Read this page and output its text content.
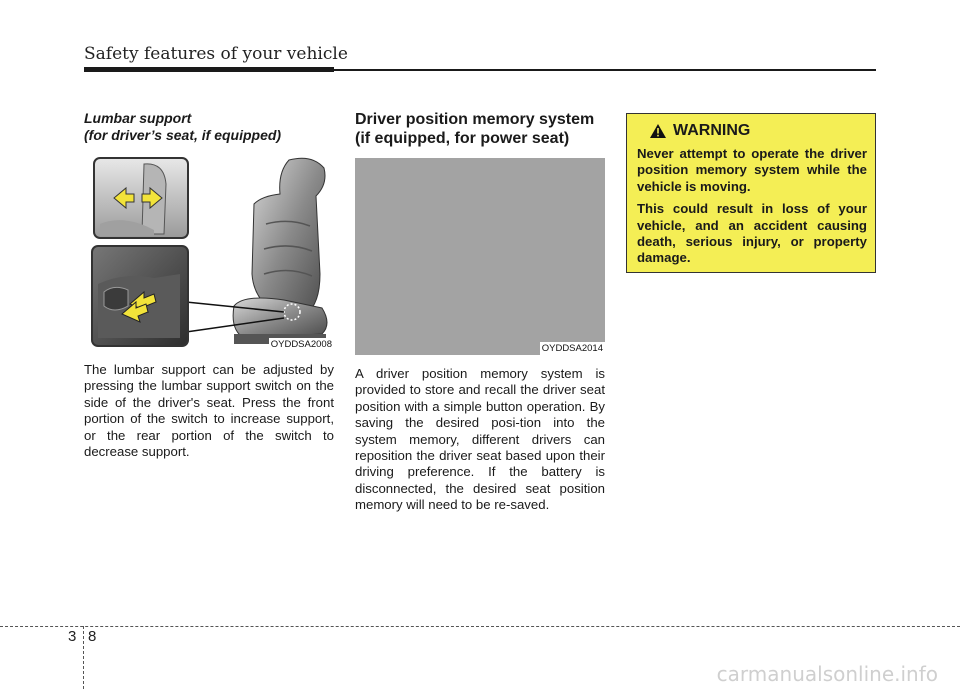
Safety features of your vehicle

Lumbar support
(for driver’s seat, if equipped)

OYDDSA2008
The lumbar support can be adjusted by pressing the lumbar support switch on the side of the driver's seat. Press the front portion of the switch to increase support, or the rear portion of the switch to decrease support.

Driver position memory system
(if equipped, for power seat)

OYDDSA2014
A driver position memory system is provided to store and recall the driver seat position with a simple button operation. By saving the desired posi-tion into the system memory, different drivers can reposition the driver seat based upon their driving preference. If the battery is disconnected, the desired seat position memory will need to be re-saved.
WARNING

Never attempt to operate the driver position memory system while the vehicle is moving.

This could result in loss of your vehicle, and an accident causing death, serious injury, or property damage.

3 8
carmanualsonline.info
